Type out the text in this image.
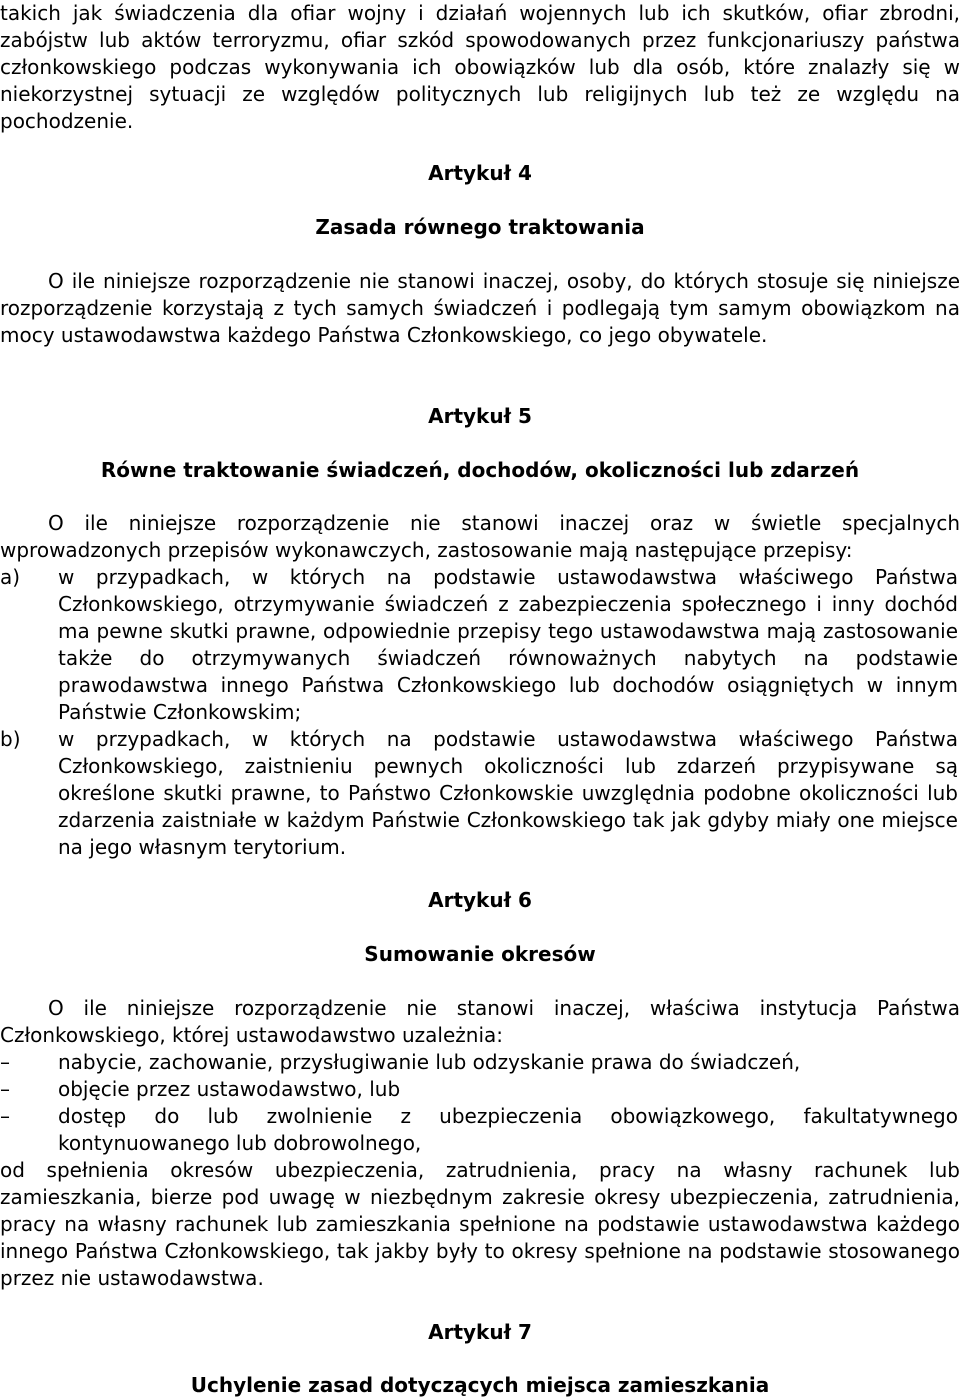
takich jak świadczenia dla ofiar wojny i działań wojennych lub ich skutków, ofiar zbrodni, zabójstw lub aktów terroryzmu, ofiar szkód spowodowanych przez funkcjonariuszy państwa członkowskiego podczas wykonywania ich obowiązków lub dla osób, które znalazły się w niekorzystnej sytuacji ze względów politycznych lub religijnych lub też ze względu na pochodzenie.
Artykuł 4
Zasada równego traktowania
O ile niniejsze rozporządzenie nie stanowi inaczej, osoby, do których stosuje się niniejsze rozporządzenie korzystają z tych samych świadczeń i podlegają tym samym obowiązkom na mocy ustawodawstwa każdego Państwa Członkowskiego, co jego obywatele.
Artykuł 5
Równe traktowanie świadczeń, dochodów, okoliczności lub zdarzeń
O ile niniejsze rozporządzenie nie stanowi inaczej oraz w świetle specjalnych wprowadzonych przepisów wykonawczych, zastosowanie mają następujące przepisy:
a) w przypadkach, w których na podstawie ustawodawstwa właściwego Państwa Członkowskiego, otrzymywanie świadczeń z zabezpieczenia społecznego i inny dochód ma pewne skutki prawne, odpowiednie przepisy tego ustawodawstwa mają zastosowanie także do otrzymywanych świadczeń równoważnych nabytych na podstawie prawodawstwa innego Państwa Członkowskiego lub dochodów osiągniętych w innym Państwie Członkowskim;
b) w przypadkach, w których na podstawie ustawodawstwa właściwego Państwa Członkowskiego, zaistnieniu pewnych okoliczności lub zdarzeń przypisywane są określone skutki prawne, to Państwo Członkowskie uwzględnia podobne okoliczności lub zdarzenia zaistniałe w każdym Państwie Członkowskiego tak jak gdyby miały one miejsce na jego własnym terytorium.
Artykuł 6
Sumowanie okresów
O ile niniejsze rozporządzenie nie stanowi inaczej, właściwa instytucja Państwa Członkowskiego, której ustawodawstwo uzależnia:
– nabycie, zachowanie, przysługiwanie lub odzyskanie prawa do świadczeń,
– objęcie przez ustawodawstwo, lub
– dostęp do lub zwolnienie z ubezpieczenia obowiązkowego, fakultatywnego kontynuowanego lub dobrowolnego,
od spełnienia okresów ubezpieczenia, zatrudnienia, pracy na własny rachunek lub zamieszkania, bierze pod uwagę w niezbędnym zakresie okresy ubezpieczenia, zatrudnienia, pracy na własny rachunek lub zamieszkania spełnione na podstawie ustawodawstwa każdego innego Państwa Członkowskiego, tak jakby były to okresy spełnione na podstawie stosowanego przez nie ustawodawstwa.
Artykuł 7
Uchylenie zasad dotyczących miejsca zamieszkania
